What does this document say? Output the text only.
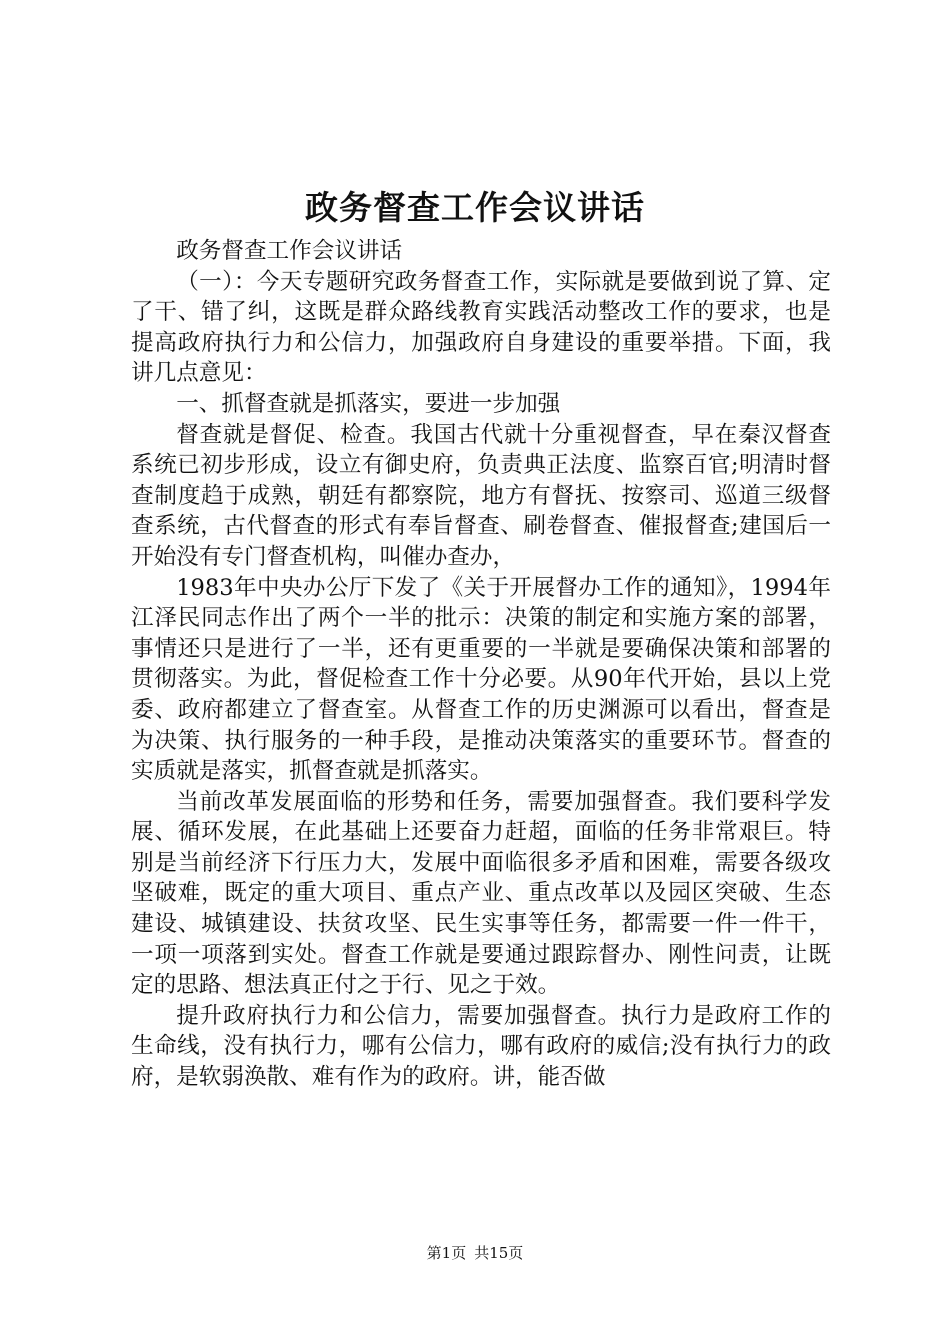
政务督查工作会议讲话

政务督查工作会议讲话

（一）：今天专题研究政务督查工作，实际就是要做到说了算、定了干、错了纠，这既是群众路线教育实践活动整改工作的要求，也是提高政府执行力和公信力，加强政府自身建设的重要举措。下面，我讲几点意见：

一、抓督查就是抓落实，要进一步加强

督查就是督促、检查。我国古代就十分重视督查，早在秦汉督查系统已初步形成，设立有御史府，负责典正法度、监察百官;明清时督查制度趋于成熟，朝廷有都察院，地方有督抚、按察司、巡道三级督查系统，古代督查的形式有奉旨督查、刷卷督查、催报督查;建国后一开始没有专门督查机构，叫催办查办，

1983年中央办公厅下发了《关于开展督办工作的通知》，1994年江泽民同志作出了两个一半的批示：决策的制定和实施方案的部署，事情还只是进行了一半，还有更重要的一半就是要确保决策和部署的贯彻落实。为此，督促检查工作十分必要。从90年代开始，县以上党委、政府都建立了督查室。从督查工作的历史渊源可以看出，督查是为决策、执行服务的一种手段，是推动决策落实的重要环节。督查的实质就是落实，抓督查就是抓落实。

当前改革发展面临的形势和任务，需要加强督查。我们要科学发展、循环发展，在此基础上还要奋力赶超，面临的任务非常艰巨。特别是当前经济下行压力大，发展中面临很多矛盾和困难，需要各级攻坚破难，既定的重大项目、重点产业、重点改革以及园区突破、生态建设、城镇建设、扶贫攻坚、民生实事等任务，都需要一件一件干，一项一项落到实处。督查工作就是要通过跟踪督办、刚性问责，让既定的思路、想法真正付之于行、见之于效。

提升政府执行力和公信力，需要加强督查。执行力是政府工作的生命线，没有执行力，哪有公信力，哪有政府的威信;没有执行力的政府，是软弱涣散、难有作为的政府。讲，能否做

第1页 共15页
